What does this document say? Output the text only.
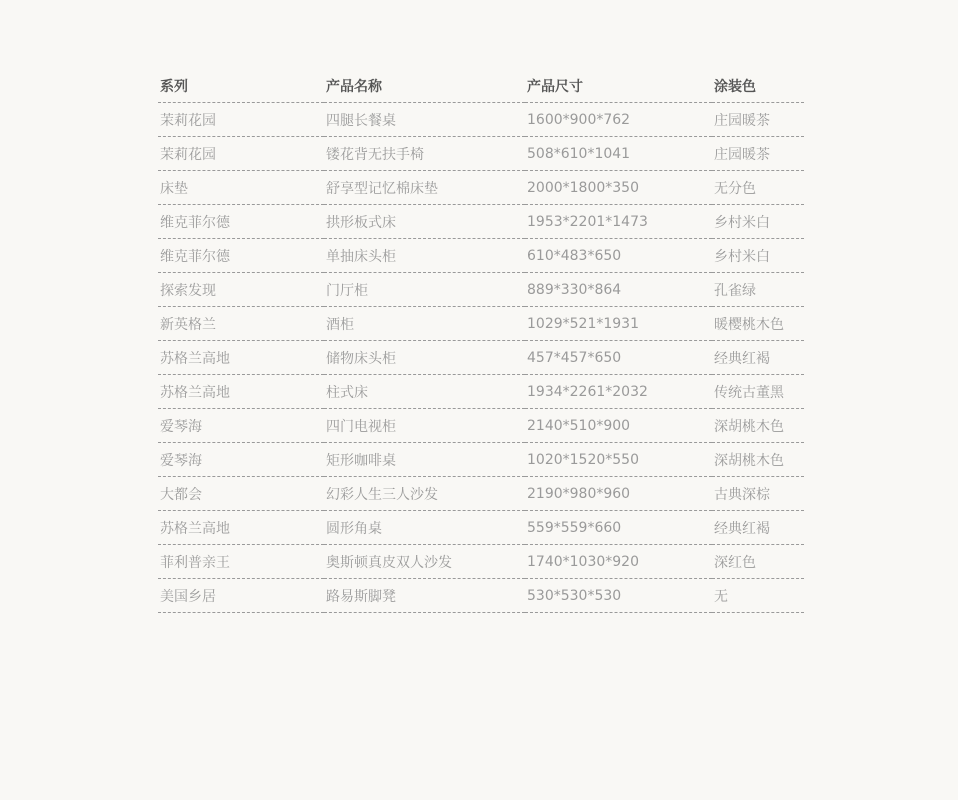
系列	产品名称	产品尺寸	涂装色
茉莉花园	四腿长餐桌	1600*900*762	庄园暖茶
茉莉花园	镂花背无扶手椅	508*610*1041	庄园暖茶
床垫	舒享型记忆棉床垫	2000*1800*350	无分色
维克菲尔德	拱形板式床	1953*2201*1473	乡村米白
维克菲尔德	单抽床头柜	610*483*650	乡村米白
探索发现	门厅柜	889*330*864	孔雀绿
新英格兰	酒柜	1029*521*1931	暖樱桃木色
苏格兰高地	储物床头柜	457*457*650	经典红褐
苏格兰高地	柱式床	1934*2261*2032	传统古董黑
爱琴海	四门电视柜	2140*510*900	深胡桃木色
爱琴海	矩形咖啡桌	1020*1520*550	深胡桃木色
大都会	幻彩人生三人沙发	2190*980*960	古典深棕
苏格兰高地	圆形角桌	559*559*660	经典红褐
菲利普亲王	奥斯顿真皮双人沙发	1740*1030*920	深红色
美国乡居	路易斯脚凳	530*530*530	无
